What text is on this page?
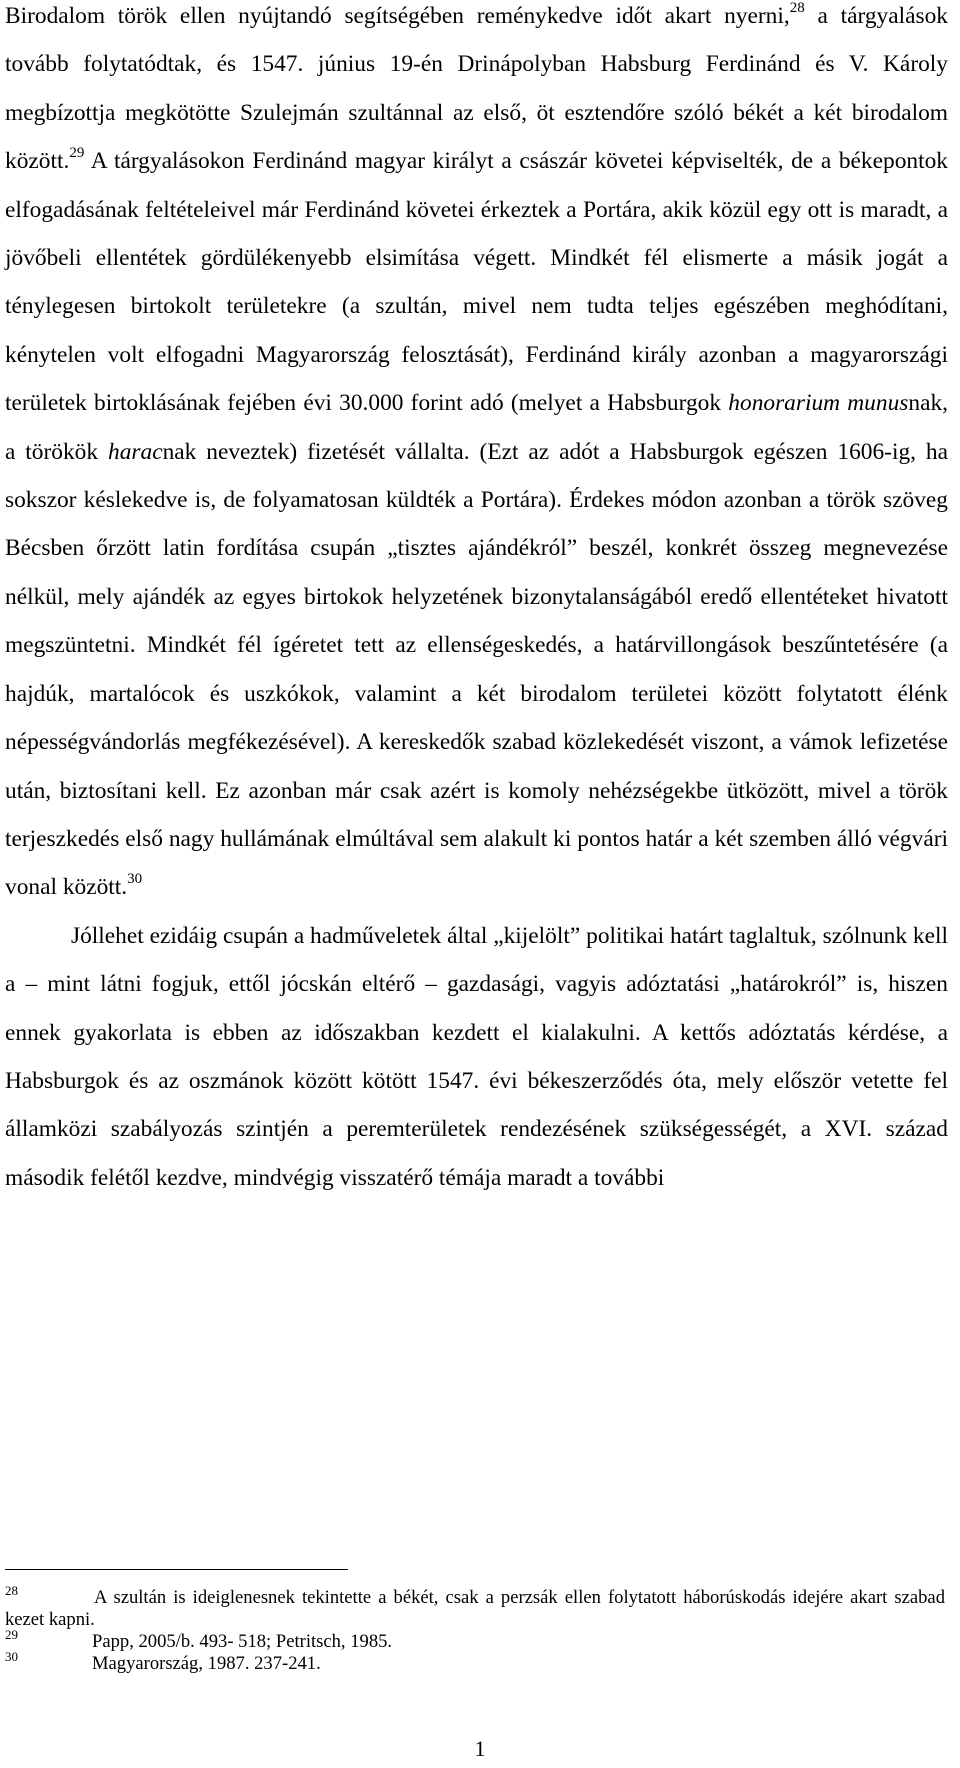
Birodalom török ellen nyújtandó segítségében reménykedve időt akart nyerni,$^{28}$ a tárgyalások tovább folytatódtak, és 1547. június 19-én Drinápolyban Habsburg Ferdinánd és V. Károly megbízottja megkötötte Szulejmán szultánnal az első, öt esztendőre szóló békét a két birodalom között.$^{29}$ A tárgyalásokon Ferdinánd magyar királyt a császár követei képviselték, de a békepontok elfogadásának feltételeivel már Ferdinánd követei érkeztek a Portára, akik közül egy ott is maradt, a jövőbeli ellentétek gördülékenyebb elsimítása végett. Mindkét fél elismerte a másik jogát a ténylegesen birtokolt területekre (a szultán, mivel nem tudta teljes egészében meghódítani, kénytelen volt elfogadni Magyarország felosztását), Ferdinánd király azonban a magyarországi területek birtoklásának fejében évi 30.000 forint adó (melyet a Habsburgok honorarium munusnak, a törökök haracnak neveztek) fizetését vállalta. (Ezt az adót a Habsburgok egészen 1606-ig, ha sokszor késlekedve is, de folyamatosan küldték a Portára). Érdekes módon azonban a török szöveg Bécsben őrzött latin fordítása csupán „tisztes ajándékról” beszél, konkrét összeg megnevezése nélkül, mely ajándék az egyes birtokok helyzetének bizonytalanságából eredő ellentéteket hivatott megszüntetni. Mindkét fél ígéretet tett az ellenségeskedés, a határvillongások beszűntetésére (a hajdúk, martalócok és uszkókok, valamint a két birodalom területei között folytatott élénk népességvándorlás megfékezésével). A kereskedők szabad közlekedését viszont, a vámok lefizetése után, biztosítani kell. Ez azonban már csak azért is komoly nehézségekbe ütközött, mivel a török terjeszkedés első nagy hullámának elmúltával sem alakult ki pontos határ a két szemben álló végvári vonal között.$^{30}$

Jóllehet ezidáig csupán a hadműveletek által „kijelölt” politikai határt taglaltuk, szólnunk kell a – mint látni fogjuk, ettől jócskán eltérő – gazdasági, vagyis adóztatási „határokról” is, hiszen ennek gyakorlata is ebben az időszakban kezdett el kialakulni. A kettős adóztatás kérdése, a Habsburgok és az oszmánok között kötött 1547. évi békeszerződés óta, mely először vetette fel államközi szabályozás szintjén a peremterületek rendezésének szükségességét, a XVI. század második felétől kezdve, mindvégig visszatérő témája maradt a további

$^{28}$	A szultán is ideiglenesnek tekintette a békét, csak a perzsák ellen folytatott háborúskodás idejére akart szabad kezet kapni.

$^{29}$	Papp, 2005/b. 493- 518; Petritsch, 1985.

$^{30}$	Magyarország, 1987. 237-241.

1
